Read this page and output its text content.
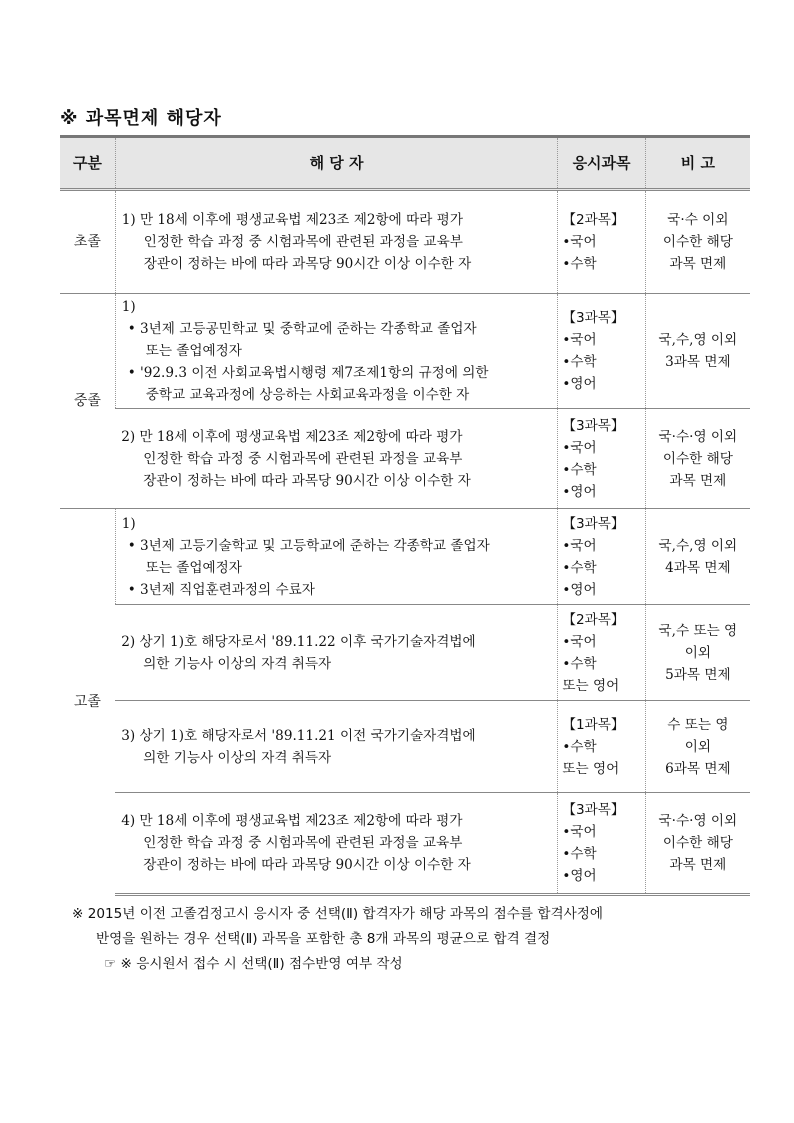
※ 과목면제 해당자
구분	해 당 자	응시과목	비 고
초졸	1) 만 18세 이후에 평생교육법 제23조 제2항에 따라 평가
인정한 학습 과정 중 시험과목에 관련된 과정을 교육부
장관이 정하는 바에 따라 과목당 90시간 이상 이수한 자	【2과목】
•국어
•수학	국·수 이외
이수한 해당
과목 면제

중졸	1)
• 3년제 고등공민학교 및 중학교에 준하는 각종학교 졸업자
또는 졸업예정자
• '92.9.3 이전 사회교육법시행령 제7조제1항의 규정에 의한
중학교 교육과정에 상응하는 사회교육과정을 이수한 자	【3과목】
•국어
•수학
•영어	국,수,영 이외
3과목 면제

	2) 만 18세 이후에 평생교육법 제23조 제2항에 따라 평가
인정한 학습 과정 중 시험과목에 관련된 과정을 교육부
장관이 정하는 바에 따라 과목당 90시간 이상 이수한 자	【3과목】
•국어
•수학
•영어	국·수·영 이외
이수한 해당
과목 면제

고졸	1)
• 3년제 고등기술학교 및 고등학교에 준하는 각종학교 졸업자
또는 졸업예정자
• 3년제 직업훈련과정의 수료자	【3과목】
•국어
•수학
•영어	국,수,영 이외
4과목 면제

	2) 상기 1)호 해당자로서 '89.11.22 이후 국가기술자격법에
의한 기능사 이상의 자격 취득자	【2과목】
•국어
•수학
또는 영어	국,수 또는 영
이외
5과목 면제

	3) 상기 1)호 해당자로서 '89.11.21 이전 국가기술자격법에
의한 기능사 이상의 자격 취득자	【1과목】
•수학
또는 영어	수 또는 영
이외
6과목 면제

	4) 만 18세 이후에 평생교육법 제23조 제2항에 따라 평가
인정한 학습 과정 중 시험과목에 관련된 과정을 교육부
장관이 정하는 바에 따라 과목당 90시간 이상 이수한 자	【3과목】
•국어
•수학
•영어	국·수·영 이외
이수한 해당
과목 면제
※ 2015년 이전 고졸검정고시 응시자 중 선택(Ⅱ) 합격자가 해당 과목의 점수를 합격사정에
반영을 원하는 경우 선택(Ⅱ) 과목을 포함한 총 8개 과목의 평균으로 합격 결정
☞ ※ 응시원서 접수 시 선택(Ⅱ) 점수반영 여부 작성
